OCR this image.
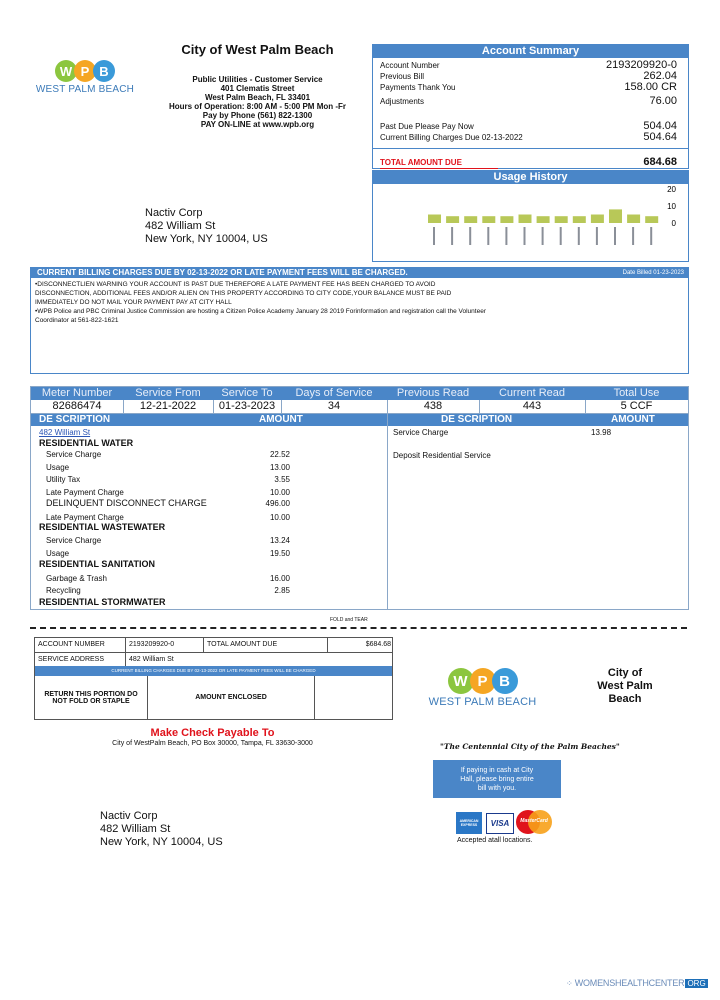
W P B
WEST PALM BEACH
City of West Palm Beach
Public Utilities - Customer Service
401 Clematis Street
West Palm Beach, FL 33401
Hours of Operation: 8:00 AM - 5:00 PM Mon -Fr
Pay by Phone (561) 822-1300
PAY ON-LINE at www.wpb.org
Nactiv Corp
482 William St
New York, NY 10004, US
Account Summary
Account Number	2193209920-0
Previous Bill	262.04
Payments Thank You	158.00 CR
Adjustments	76.00
Past Due Please Pay Now	504.04
Current Billing Charges Due 02-13-2022	504.64
TOTAL AMOUNT DUE	684.68
Usage History
20
10
0
CURRENT BILLING CHARGES DUE BY 02-13-2022 OR LATE PAYMENT FEES WILL BE CHARGED.	Date Billed 01-23-2023
•DISCONNECTLIEN WARNING YOUR ACCOUNT IS PAST DUE THEREFORE A LATE PAYMENT FEE HAS BEEN CHARGED TO AVOID
DISCONNECTION, ADDITIONAL FEES AND/OR ALIEN ON THIS PROPERTY ACCORDING TO CITY CODE,YOUR BALANCE MUST BE PAID
IMMEDIATELY DO NOT MAIL YOUR PAYMENT PAY AT CITY HALL
•WPB Police and PBC Criminal Justice Commission are hosting a Citizen Police Academy January 28 2019 Forinformation and registration call the Volunteer
Coordinator at 561-822-1621
Meter Number	Service From	Service To	Days of Service	Previous Read	Current Read	Total Use
82686474	12-21-2022	01-23-2023	34	438	443	5 CCF
DE SCRIPTION	AMOUNT	DE SCRIPTION	AMOUNT
482 William St
RESIDENTIAL WATER
Service Charge	22.52
Usage	13.00
Utility Tax	3.55
Late Payment Charge	10.00
DELINQUENT DISCONNECT CHARGE	496.00
Late Payment Charge	10.00
RESIDENTIAL WASTEWATER
Service Charge	13.24
Usage	19.50
RESIDENTIAL SANITATION
Garbage & Trash	16.00
Recycling	2.85
RESIDENTIAL STORMWATER
Service Charge	13.98
Deposit Residential Service
FOLD and TEAR
ACCOUNT NUMBER	2193209920-0	TOTAL AMOUNT DUE	$684.68
SERVICE ADDRESS	482 William St
CURRENT BILLING CHARGES DUE BY 02-13-2022 OR LATE PAYMENT FEES WILL BE CHARGED
RETURN THIS PORTION DO NOT FOLD OR STAPLE	AMOUNT ENCLOSED
W P B
WEST PALM BEACH
City of
West Palm
Beach
Make Check Payable To
City of WestPalm Beach, PO Box 30000, Tampa, FL 33630-3000	"The Centennial City of the Palm Beaches"
If paying in cash at City Hall, please bring entire bill with you.
Nactiv Corp
482 William St
New York, NY 10004, US
AMERICAN EXPRESS	VISA	MasterCard
Accepted atall locations.
⁘ WOMENSHEALTHCENTER ORG
